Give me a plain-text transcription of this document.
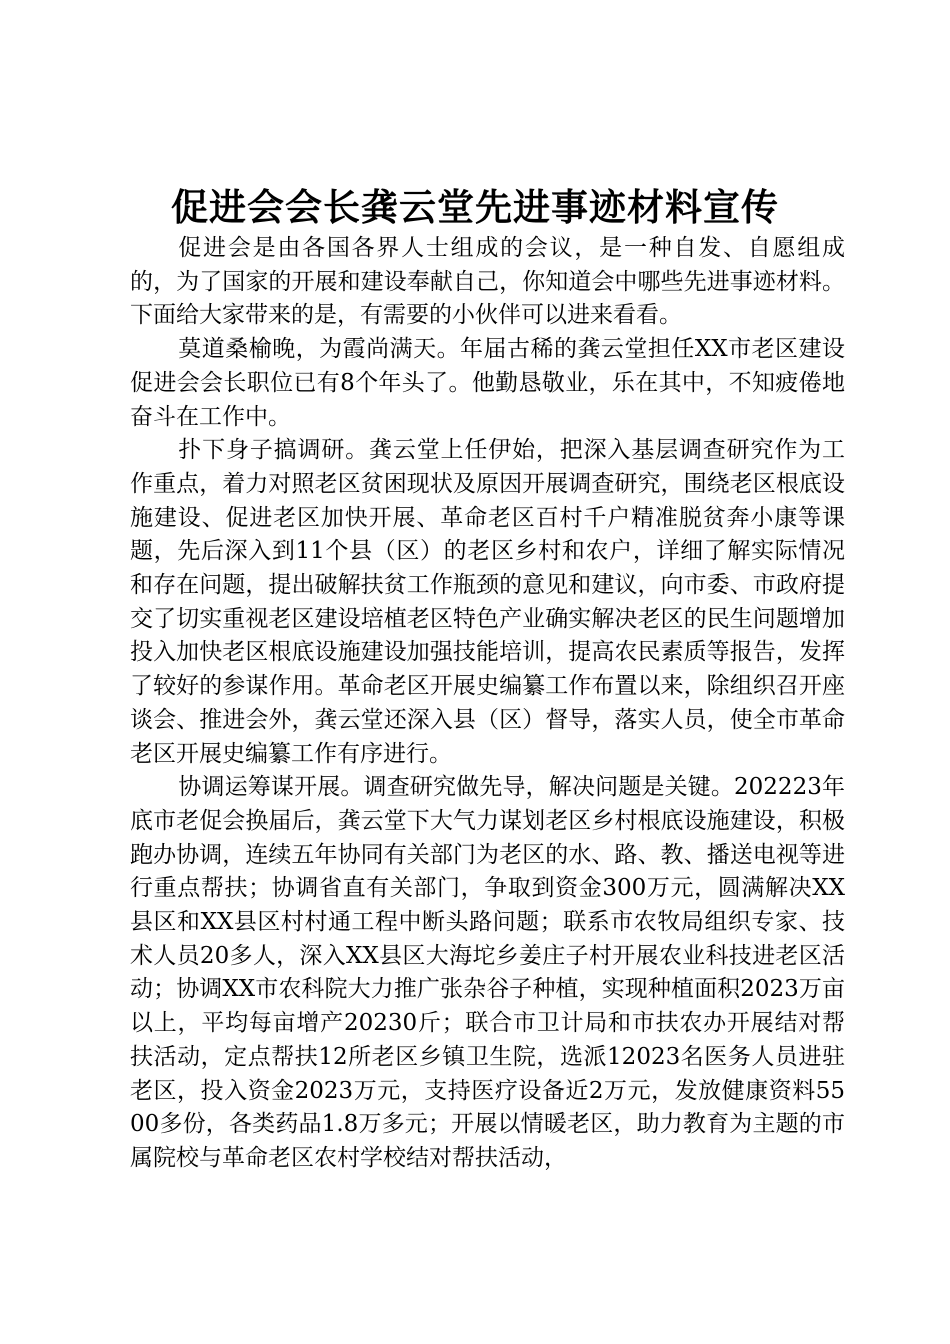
促进会会长龚云堂先进事迹材料宣传

促进会是由各国各界人士组成的会议，是一种自发、自愿组成的，为了国家的开展和建设奉献自己，你知道会中哪些先进事迹材料。下面给大家带来的是，有需要的小伙伴可以进来看看。

莫道桑榆晚，为霞尚满天。年届古稀的龚云堂担任XX市老区建设促进会会长职位已有8个年头了。他勤恳敬业，乐在其中，不知疲倦地奋斗在工作中。

扑下身子搞调研。龚云堂上任伊始，把深入基层调查研究作为工作重点，着力对照老区贫困现状及原因开展调查研究，围绕老区根底设施建设、促进老区加快开展、革命老区百村千户精准脱贫奔小康等课题，先后深入到11个县（区）的老区乡村和农户，详细了解实际情况和存在问题，提出破解扶贫工作瓶颈的意见和建议，向市委、市政府提交了切实重视老区建设培植老区特色产业确实解决老区的民生问题增加投入加快老区根底设施建设加强技能培训，提高农民素质等报告，发挥了较好的参谋作用。革命老区开展史编纂工作布置以来，除组织召开座谈会、推进会外，龚云堂还深入县（区）督导，落实人员，使全市革命老区开展史编纂工作有序进行。

协调运筹谋开展。调查研究做先导，解决问题是关键。202223年底市老促会换届后，龚云堂下大气力谋划老区乡村根底设施建设，积极跑办协调，连续五年协同有关部门为老区的水、路、教、播送电视等进行重点帮扶；协调省直有关部门，争取到资金300万元，圆满解决XX县区和XX县区村村通工程中断头路问题；联系市农牧局组织专家、技术人员20多人，深入XX县区大海坨乡姜庄子村开展农业科技进老区活动；协调XX市农科院大力推广张杂谷子种植，实现种植面积2023万亩以上，平均每亩增产20230斤；联合市卫计局和市扶农办开展结对帮扶活动，定点帮扶12所老区乡镇卫生院，选派12023名医务人员进驻老区，投入资金2023万元，支持医疗设备近2万元，发放健康资料5500多份，各类药品1.8万多元；开展以情暖老区，助力教育为主题的市属院校与革命老区农村学校结对帮扶活动，
